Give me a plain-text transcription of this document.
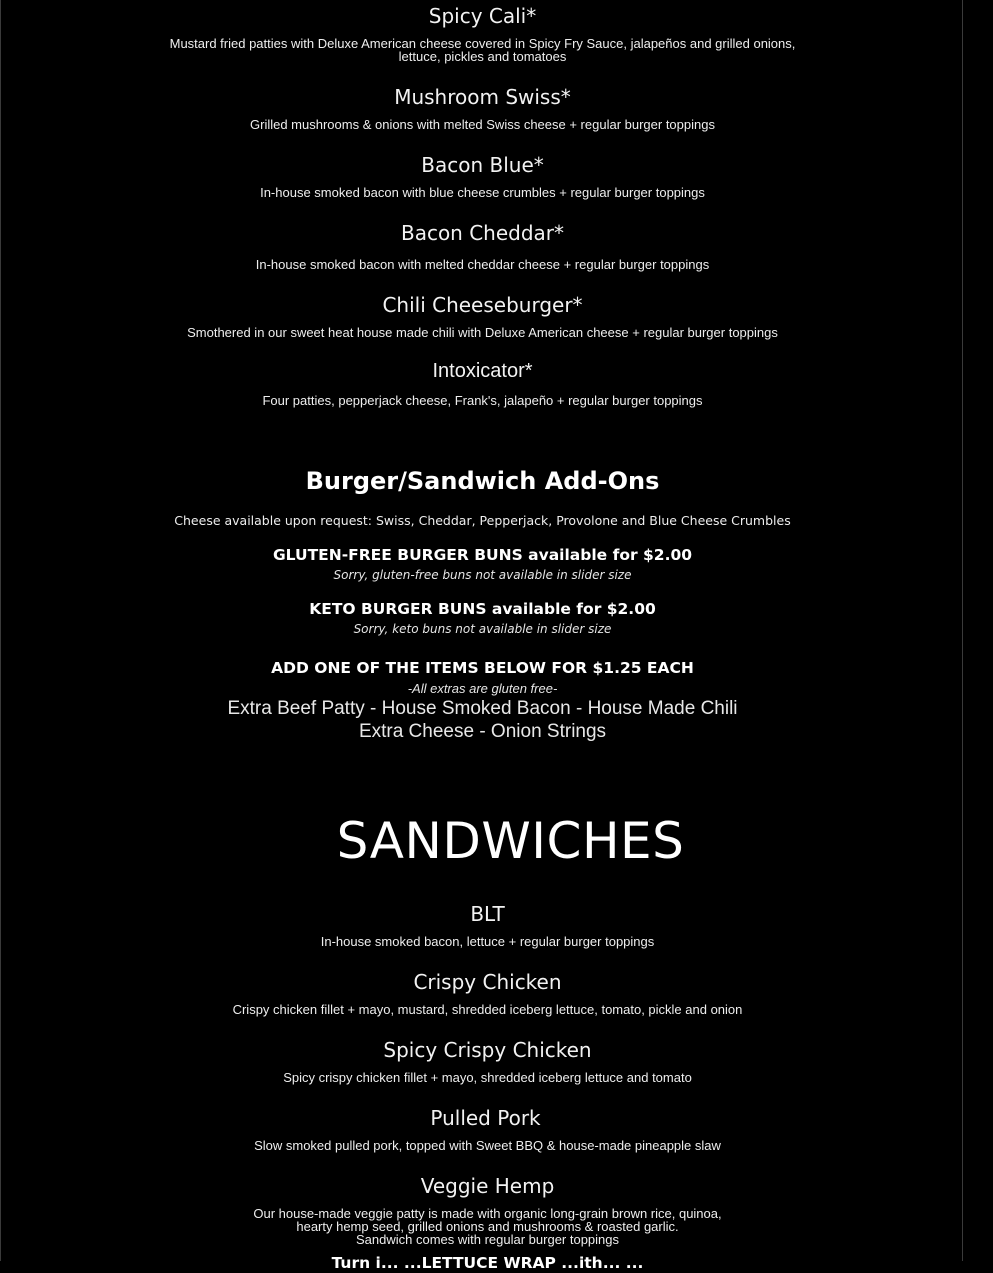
Spicy Cali*
Mustard fried patties with Deluxe American cheese covered in Spicy Fry Sauce, jalapeños and grilled onions,
lettuce, pickles and tomatoes
Mushroom Swiss*
Grilled mushrooms & onions with melted Swiss cheese + regular burger toppings
Bacon Blue*
In-house smoked bacon with blue cheese crumbles + regular burger toppings
Bacon Cheddar*
In-house smoked bacon with melted cheddar cheese + regular burger toppings
Chili Cheeseburger*
Smothered in our sweet heat house made chili with Deluxe American cheese + regular burger toppings
Intoxicator*
Four patties, pepperjack cheese, Frank's, jalapeño + regular burger toppings
Burger/Sandwich Add-Ons
Cheese available upon request: Swiss, Cheddar, Pepperjack, Provolone and Blue Cheese Crumbles
GLUTEN-FREE BURGER BUNS available for $2.00
Sorry, gluten-free buns not available in slider size
KETO BURGER BUNS available for $2.00
Sorry, keto buns not available in slider size
ADD ONE OF THE ITEMS BELOW FOR $1.25 EACH
-All extras are gluten free-
Extra Beef Patty - House Smoked Bacon - House Made Chili
Extra Cheese - Onion Strings
SANDWICHES
BLT
In-house smoked bacon, lettuce + regular burger toppings
Crispy Chicken
Crispy chicken fillet + mayo, mustard, shredded iceberg lettuce, tomato, pickle and onion
Spicy Crispy Chicken
Spicy crispy chicken fillet + mayo, shredded iceberg lettuce and tomato
Pulled Pork
Slow smoked pulled pork, topped with Sweet BBQ & house-made pineapple slaw
Veggie Hemp
Our house-made veggie patty is made with organic long-grain brown rice, quinoa,
hearty hemp seed, grilled onions and mushrooms & roasted garlic.
Sandwich comes with regular burger toppings
Turn i... ...LETTUCE WRAP ...ith... ...
